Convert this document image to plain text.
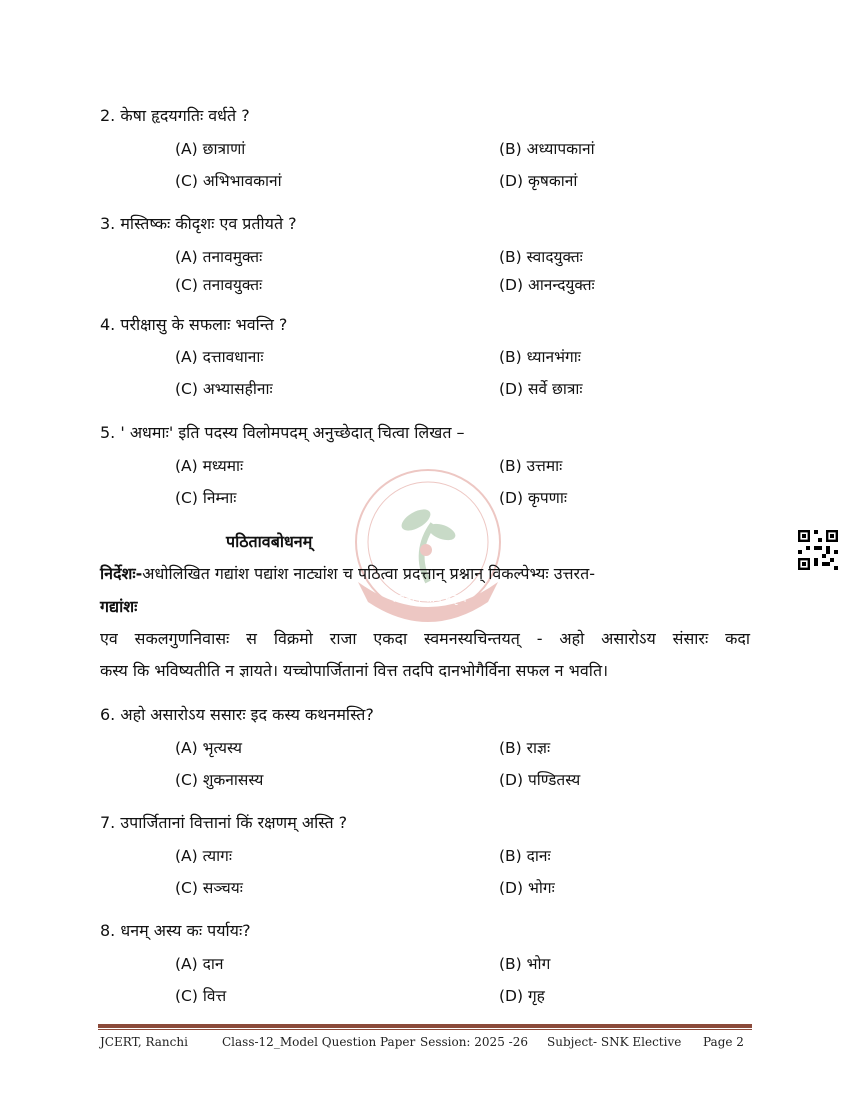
नवोन्मेष शोध नेतृत्व
2. केषा हृदयगतिः वर्धते ?
(A) छात्राणां	(B) अध्यापकानां
(C) अभिभावकानां	(D) कृषकानां
3. मस्तिष्कः कीदृशः एव प्रतीयते ?
(A) तनावमुक्तः	(B) स्वादयुक्तः
(C) तनावयुक्तः	(D) आनन्दयुक्तः
4. परीक्षासु के सफलाः भवन्ति ?
(A) दत्तावधानाः	(B) ध्यानभंगाः
(C) अभ्यासहीनाः	(D) सर्वे छात्राः
5. ' अधमाः' इति पदस्य विलोमपदम् अनुच्छेदात् चित्वा लिखत –
(A) मध्यमाः	(B) उत्तमाः
(C) निम्नाः	(D) कृपणाः
पठितावबोधनम्
निर्देशः-अधोलिखित गद्यांश पद्यांश नाट्यांश च पठित्वा प्रदत्तान् प्रश्नान् विकल्पेभ्यः उत्तरत-
गद्यांशः
एव सकलगुणनिवासः स विक्रमो राजा एकदा स्वमनस्यचिन्तयत् - अहो असारोऽय संसारः कदा
कस्य कि भविष्यतीति न ज्ञायते। यच्चोपार्जितानां वित्त तदपि दानभोगैर्विना सफल न भवति।
6. अहो असारोऽय ससारः इद कस्य कथनमस्ति?
(A) भृत्यस्य	(B) राज्ञः
(C) शुकनासस्य	(D) पण्डितस्य
7. उपार्जितानां वित्तानां किं रक्षणम् अस्ति ?
(A) त्यागः	(B) दानः
(C) सञ्चयः	(D) भोगः
8. धनम् अस्य कः पर्यायः?
(A) दान	(B) भोग
(C) वित्त	(D) गृह
JCERT, Ranchi	Class-12_Model Question Paper Session: 2025 -26 Subject- SNK Elective Page 2
